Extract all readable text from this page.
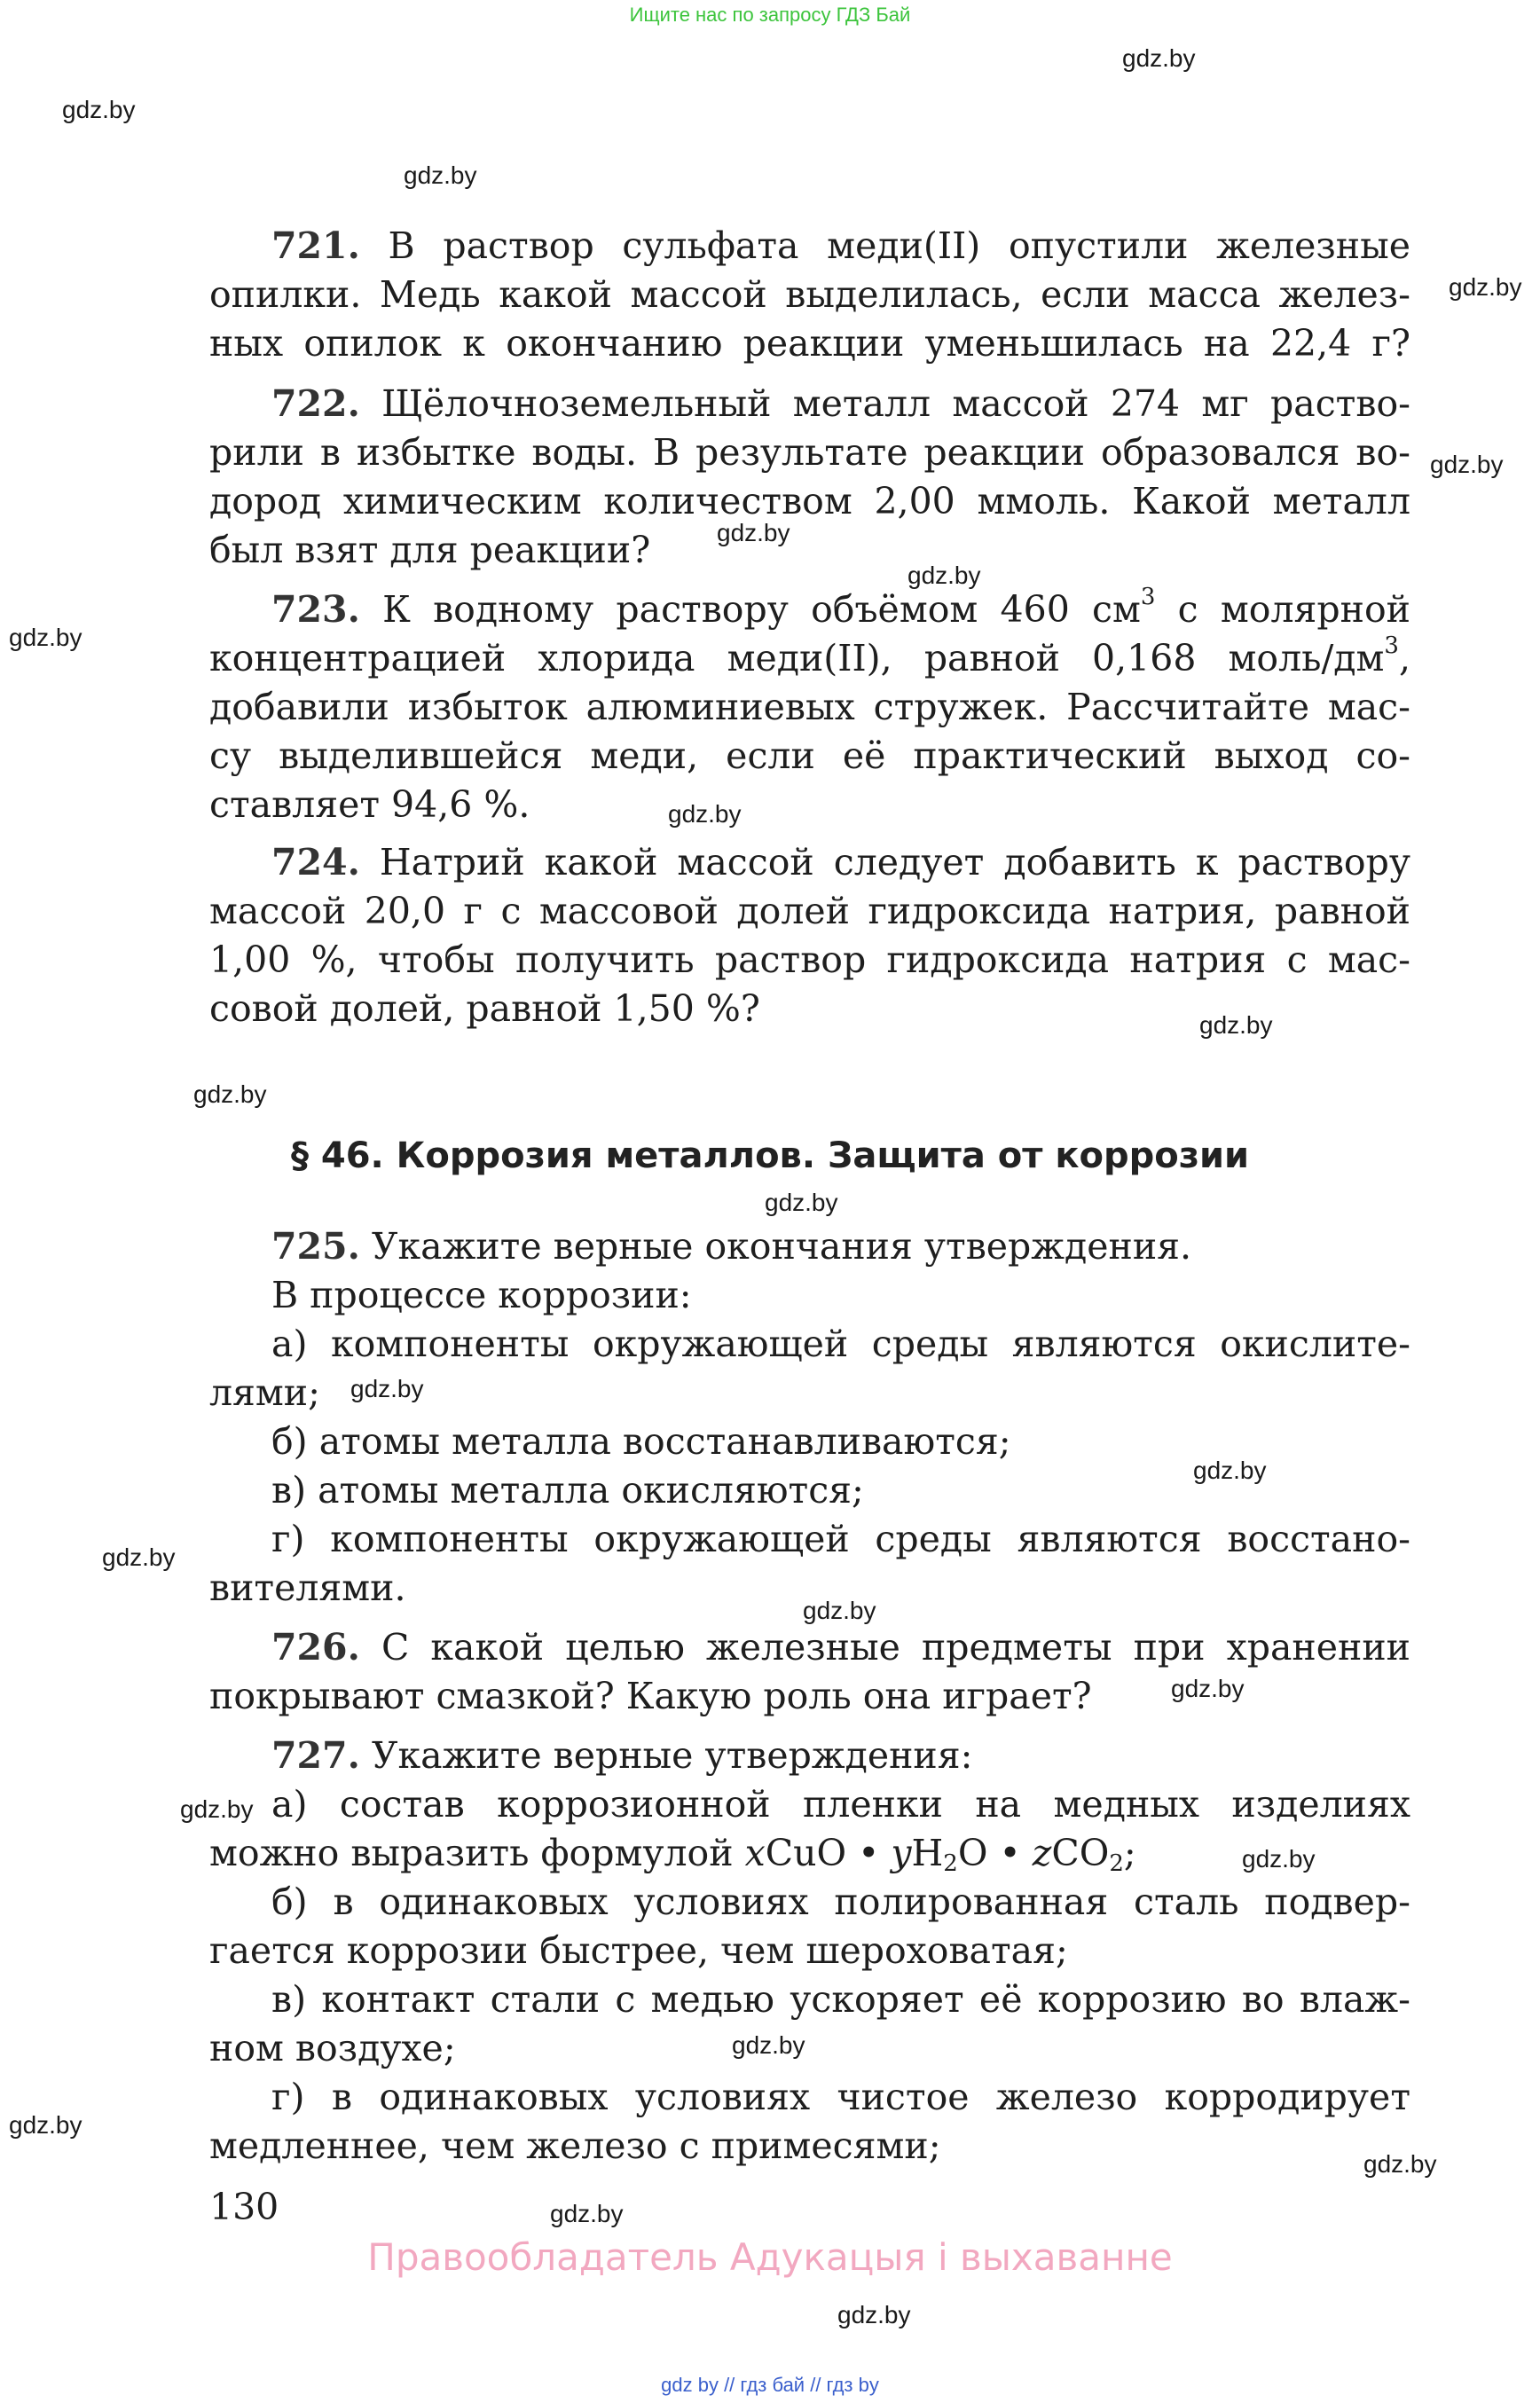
Ищите нас по запросу ГДЗ Бай
gdz.by
gdz.by
gdz.by
gdz.by
gdz.by
gdz.by
gdz.by
gdz.by
gdz.by
gdz.by
gdz.by
gdz.by
gdz.by
gdz.by
gdz.by
gdz.by
gdz.by
gdz.by
gdz.by
gdz.by
gdz.by
gdz.by
gdz.by
gdz.by
721. В раствор сульфата меди(II) опустили железные
опилки. Медь какой массой выделилась, если масса желез-
ных опилок к окончанию реакции уменьшилась на 22,4 г?
722. Щёлочноземельный металл массой 274 мг раство-
рили в избытке воды. В результате реакции образовался во-
дород химическим количеством 2,00 ммоль. Какой металл
был взят для реакции?
723. К водному раствору объёмом 460 $см^3$ с молярной
концентрацией хлорида меди(II), равной 0,168 моль/$дм^3$,
добавили избыток алюминиевых стружек. Рассчитайте мас-
су выделившейся меди, если её практический выход со-
ставляет 94,6 %.
724. Натрий какой массой следует добавить к раствору
массой 20,0 г с массовой долей гидроксида натрия, равной
1,00 %, чтобы получить раствор гидроксида натрия с мас-
совой долей, равной 1,50 %?
§ 46. Коррозия металлов. Защита от коррозии
725. Укажите верные окончания утверждения.
В процессе коррозии:
а) компоненты окружающей среды являются окислите-
лями;
б) атомы металла восстанавливаются;
в) атомы металла окисляются;
г) компоненты окружающей среды являются восстано-
вителями.
726. С какой целью железные предметы при хранении
покрывают смазкой? Какую роль она играет?
727. Укажите верные утверждения:
а) состав коррозионной пленки на медных изделиях
можно выразить формулой xCuO • $yH_2O$ • zCO$_2$;
б) в одинаковых условиях полированная сталь подвер-
гается коррозии быстрее, чем шероховатая;
в) контакт стали с медью ускоряет её коррозию во влаж-
ном воздухе;
г) в одинаковых условиях чистое железо корродирует
медленнее, чем железо с примесями;
130
Правообладатель Адукацыя і выхаванне
gdz by // гдз бай // гдз by
